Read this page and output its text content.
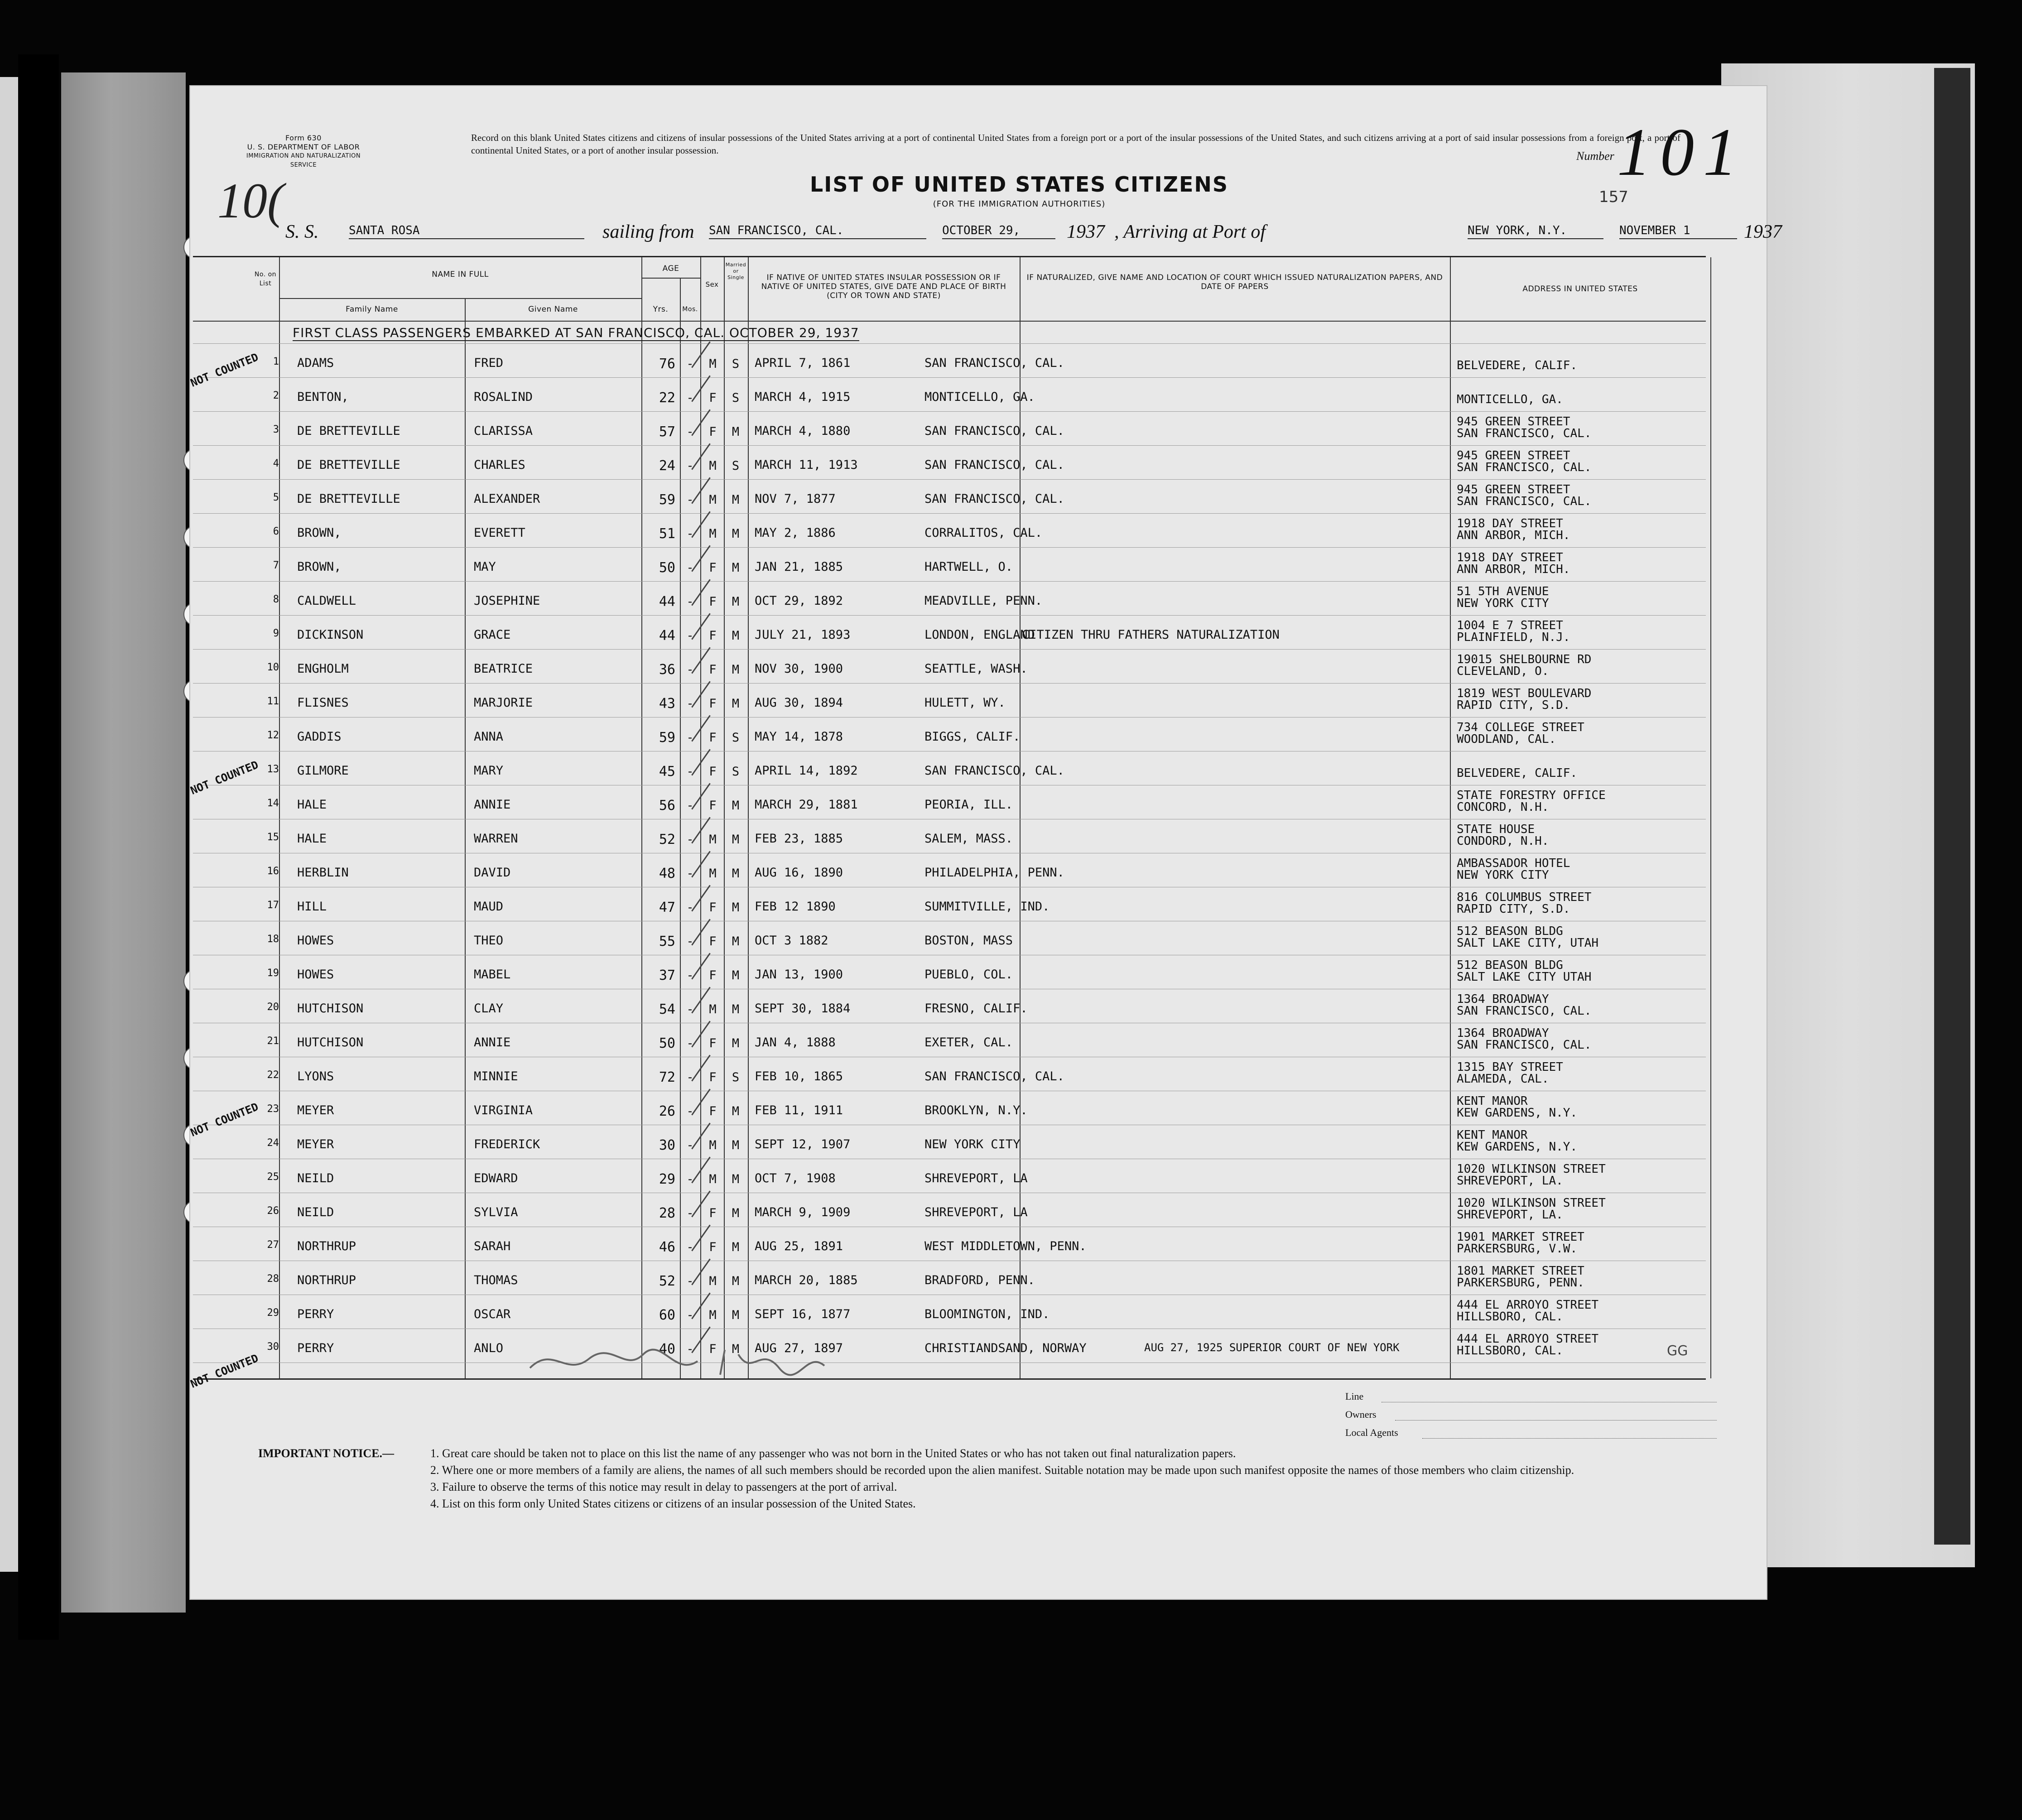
Form 630
U. S. DEPARTMENT OF LABOR
IMMIGRATION AND NATURALIZATION SERVICE
10(
Record on this blank United States citizens and citizens of insular possessions of the United States arriving at a port of continental United States from a foreign port or a port of the insular possessions of the United States, and such citizens arriving at a port of said insular possessions from a foreign port, a port of continental United States, or a port of another insular possession.	Number 101
157
LIST OF UNITED STATES CITIZENS
(FOR THE IMMIGRATION AUTHORITIES)
S. S.	SANTA ROSA	sailing from SAN FRANCISCO, CAL.	OCTOBER 29,	1937 , Arriving at Port of	NEW YORK, N.Y.	NOVEMBER 1	1937
No. on List
NAME IN FULL
Family Name	Given Name
AGE
Yrs.	Mos.
Sex
Married or Single	IF NATIVE OF UNITED STATES INSULAR POSSESSION OR IF NATIVE OF UNITED STATES, GIVE DATE AND PLACE OF BIRTH (CITY OR TOWN AND STATE)
IF NATURALIZED, GIVE NAME AND LOCATION OF COURT WHICH ISSUED NATURALIZATION PAPERS, AND DATE OF PAPERS	ADDRESS IN UNITED STATES
FIRST CLASS PASSENGERS EMBARKED AT SAN FRANCISCO, CAL. OCTOBER 29, 1937
1 ADAMS	FRED	76 -	M	S	APRIL 7, 1861	SAN FRANCISCO, CAL.	BELVEDERE, CALIF.
2 BENTON,	ROSALIND	22 -	F	S	MARCH 4, 1915	MONTICELLO, GA.	MONTICELLO, GA.
3 DE BRETTEVILLE	CLARISSA	57 -	F	M	MARCH 4, 1880	SAN FRANCISCO, CAL.
945 GREEN STREET
SAN FRANCISCO, CAL.
4 DE BRETTEVILLE	CHARLES	24 -	M	S	MARCH 11, 1913	SAN FRANCISCO, CAL.
945 GREEN STREET
SAN FRANCISCO, CAL.
5 DE BRETTEVILLE	ALEXANDER	59 -	M	M	NOV 7, 1877	SAN FRANCISCO, CAL.
945 GREEN STREET
SAN FRANCISCO, CAL.
6 BROWN,	EVERETT	51 -	M	M	MAY 2, 1886	CORRALITOS, CAL.
1918 DAY STREET
ANN ARBOR, MICH.
7 BROWN,	MAY	50 -	F	M	JAN 21, 1885	HARTWELL, O.
1918 DAY STREET
ANN ARBOR, MICH.
8 CALDWELL	JOSEPHINE	44 -	F	M	OCT 29, 1892	MEADVILLE, PENN.
51 5TH AVENUE
NEW YORK CITY
9 DICKINSON	GRACE	44 -	F	M	JULY 21, 1893	LONDON, ENGLAND
CITIZEN THRU FATHERS NATURALIZATION
1004 E 7 STREET
PLAINFIELD, N.J.
10 ENGHOLM	BEATRICE	36 -	F	M	NOV 30, 1900	SEATTLE, WASH.
19015 SHELBOURNE RD
CLEVELAND, O.
11 FLISNES	MARJORIE	43 -	F	M	AUG 30, 1894	HULETT, WY.
1819 WEST BOULEVARD
RAPID CITY, S.D.
12 GADDIS	ANNA	59 -	F	S	MAY 14, 1878	BIGGS, CALIF.
734 COLLEGE STREET
WOODLAND, CAL.
13 GILMORE	MARY	45 -	F	S	APRIL 14, 1892	SAN FRANCISCO, CAL.	BELVEDERE, CALIF.
14 HALE	ANNIE	56 -	F	M	MARCH 29, 1881	PEORIA, ILL.
STATE FORESTRY OFFICE
CONCORD, N.H.
15 HALE	WARREN	52 -	M	M	FEB 23, 1885	SALEM, MASS.
STATE HOUSE
CONDORD, N.H.
16 HERBLIN	DAVID	48 -	M	M	AUG 16, 1890	PHILADELPHIA, PENN.
AMBASSADOR HOTEL
NEW YORK CITY
17 HILL	MAUD	47 -	F	M	FEB 12 1890	SUMMITVILLE, IND.
816 COLUMBUS STREET
RAPID CITY, S.D.
18 HOWES	THEO	55 -	F	M	OCT 3 1882	BOSTON, MASS
512 BEASON BLDG
SALT LAKE CITY, UTAH
19 HOWES	MABEL	37 -	F	M	JAN 13, 1900	PUEBLO, COL.
512 BEASON BLDG
SALT LAKE CITY UTAH
20 HUTCHISON	CLAY	54 -	M	M	SEPT 30, 1884	FRESNO, CALIF.
1364 BROADWAY
SAN FRANCISCO, CAL.
21 HUTCHISON	ANNIE	50 -	F	M	JAN 4, 1888	EXETER, CAL.
1364 BROADWAY
SAN FRANCISCO, CAL.
22 LYONS	MINNIE	72 -	F	S	FEB 10, 1865	SAN FRANCISCO, CAL.
1315 BAY STREET
ALAMEDA, CAL.
23 MEYER	VIRGINIA	26 -	F	M	FEB 11, 1911	BROOKLYN, N.Y.
KENT MANOR
KEW GARDENS, N.Y.
24 MEYER	FREDERICK	30 -	M	M	SEPT 12, 1907	NEW YORK CITY
KENT MANOR
KEW GARDENS, N.Y.
25 NEILD	EDWARD	29 -	M	M	OCT 7, 1908	SHREVEPORT, LA
1020 WILKINSON STREET
SHREVEPORT, LA.
26 NEILD	SYLVIA	28 -	F	M	MARCH 9, 1909	SHREVEPORT, LA
1020 WILKINSON STREET
SHREVEPORT, LA.
27 NORTHRUP	SARAH	46 -	F	M	AUG 25, 1891	WEST MIDDLETOWN, PENN.
1901 MARKET STREET
PARKERSBURG, V.W.
28 NORTHRUP	THOMAS	52 -	M	M	MARCH 20, 1885	BRADFORD, PENN.
1801 MARKET STREET
PARKERSBURG, PENN.
29 PERRY	OSCAR	60 -	M	M	SEPT 16, 1877	BLOOMINGTON, IND.
444 EL ARROYO STREET
HILLSBORO, CAL.
30 PERRY	ANLO	40 -	F	M	AUG 27, 1897	CHRISTIANDSAND, NORWAY	AUG 27, 1925 SUPERIOR COURT OF NEW YORK
444 EL ARROYO STREET
HILLSBORO, CAL.
NOT COUNTED
NOT COUNTED
NOT COUNTED
NOT COUNTED
GG
Line
Owners
Local Agents
IMPORTANT NOTICE.—	1. Great care should be taken not to place on this list the name of any passenger who was not born in the United States or who has not taken out final naturalization papers.
2. Where one or more members of a family are aliens, the names of all such members should be recorded upon the alien manifest. Suitable notation may be made upon such manifest opposite the names of those members who claim citizenship.
3. Failure to observe the terms of this notice may result in delay to passengers at the port of arrival.
4. List on this form only United States citizens or citizens of an insular possession of the United States.
